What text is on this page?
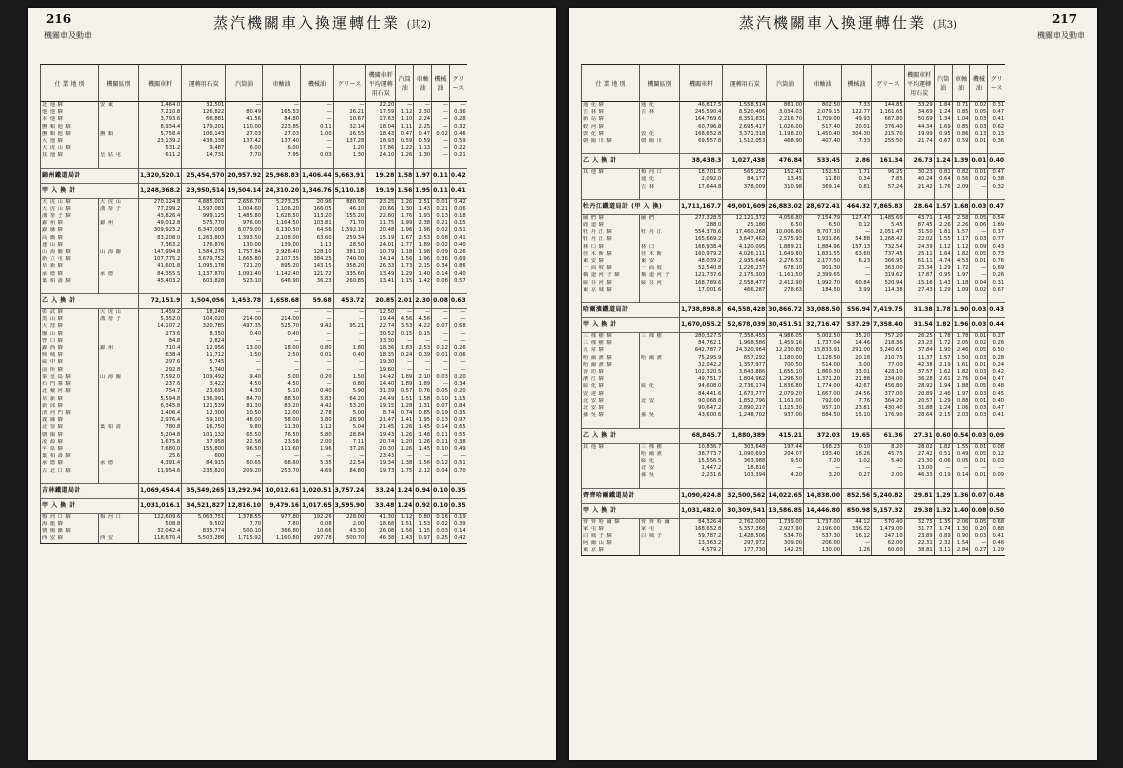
216
機關車及動車
蒸汽機關車入換運轉仕業 (其2)
仕 業 地 別	機關區別	機關車粁	運轉用石炭	汽筒油	車軸油	機械油	グリース	機關車粁平均運轉用石炭	汽筒油	車軸油	機械油	グリース
北 他 驛	安 東	1,464.0	32,501	—	—	—	—	22.20	—	—	—	—
他 他 驛		7,210.8	126,822	80.49	165.53	—	26.21	17.59	1.12	2.30	—	0.36
本 他 驛		3,793.6	66,881	41.56	84.80	—	10.67	17.63	1.10	2.24	—	0.28
撫 順 他 驛		8,934.4	179,201	110.00	223.85	0.11	32.14	18.04	1.11	2.25	—	0.32
撫 順 他 驛	撫 順	5,758.4	106,143	27.03	27.03	1.00	26.55	18.43	0.47	0.47	0.02	0.46
大 他 驛		23,139.2	438,138	137.42	137.40	—	137.28	18.93	0.59	0.59	—	0.59
大 虎 山 驛		531.2	9,487	6.00	6.00	—	1.20	17.86	1.22	1.13	—	0.22
其 他 驛	皇 姑 屯	611.2	14,731	7.70	7.95	0.03	1.30	24.10	1.26	1.30	—	0.21

錦州鐵道局計		1,320,520.1	25,454,570	20,957.92	25,968.83	1,406.44	5,663.91	19.28	1.58	1.97	0.11	0.42
甲 入 換 計		1,248,368.2	23,950,514	19,504.14	24,310.20	1,346.76	5,110.18	19.19	1.56	1.95	0.11	0.41
大 虎 山 驛	大 虎 山	270,124.8	4,885,001	2,656.70	5,273.25	20.96	880.50	23.25	1.26	2.51	0.01	0.42
大 虎 山 驛	溝 帮 子	77,299.2	1,597,083	1,004.60	1,106.20	166.05	46.10	20.66	1.30	1.43	0.21	0.06
溝 帮 子 驛		43,826.4	999,125	1,485.80	1,628.50	113.20	155.20	22.80	1.76	1.93	0.13	0.18
錦 州 驛	錦 州	49,012.8	575,770	976.00	1,164.50	103.81	71.70	11.75	1.99	2.38	0.21	0.15
錦 縣 驛		309,923.2	6,347,008	6,079.00	6,130.50	64.56	1,592.10	20.48	1.96	1.98	0.02	0.51
高 橋 驛		83,208.0	1,263,803	1,393.50	2,108.00	63.60	259.34	15.19	1.67	2.53	0.08	0.41
連 山 驛		7,363.2	176,876	130.00	139.00	1.13	28.50	24.01	1.77	1.89	0.02	0.40
山 海 關 驛	山 海 關	147,994.8	1,584,275	1,757.84	2,928.40	128.10	381.10	10.79	1.18	1.98	0.09	0.26
新 立 屯 驛		107,775.2	3,679,752	1,665.80	2,107.35	384.25	740.00	34.14	1.56	1.96	0.36	0.69
阜 新 驛		41,601.8	1,095,178	721.20	895.20	143.15	358.20	26.33	1.73	2.15	0.34	0.86
承 德 驛	承 德	84,355.5	1,137,870	1,091.40	1,142.40	121.72	335.60	13.49	1.29	1.40	0.14	0.40
葉 柏 壽 驛		45,403.2	603,828	523.10	646.90	36.23	260.85	13.41	1.15	1.42	0.08	0.57

乙 入 換 計		72,151.9	1,504,056	1,453.78	1,658.68	59.68	453.72	20.85	2.01	2.30	0.08	0.63
彰 武 驛	大 虎 山	1,459.2	18,240	—	—	—	—	12.50	—	—	—	—
黑 山 驛	溝 帮 子	5,352.0	104,020	214.00	214.00	—	—	19.44	4.56	4.56	—	—
大 窪 驛		14,107.2	320,785	497.35	525.70	9.42	95.21	22.74	3.53	4.22	0.07	0.68
盤 山 驛		273.6	8,350	0.40	0.40	—	—	30.52	0.15	0.15	—	—
營 口 驛		84.8	2,824	—	—	—	—	33.30	—	—	—	—
錦 西 驛	錦 州	710.4	12,956	13.00	18.00	0.80	1.80	18.36	1.83	2.53	0.12	0.26
興 城 驛		638.4	11,712	1.50	2.50	0.01	0.40	18.35	0.24	0.39	0.01	0.06
綏 中 驛		297.6	5,745	—	—	—	—	19.30	—	—	—	—
前 所 驛		292.8	5,740	—	—	—	—	19.60	—	—	—	—
秦 皇 島 驛	山 海 關	7,592.0	109,492	9.40	5.00	0.20	1.50	14.42	1.89	2.10	0.03	0.20
石 門 寨 驛		237.6	3,422	4.50	4.50	—	0.80	14.40	1.89	1.89	—	0.34
北 戴 河 驛		754.7	23,693	4.30	5.10	0.40	5.90	31.39	0.57	0.76	0.05	0.20
阜 新 驛		5,594.8	136,991	84.70	88.50	5.83	64.20	24.49	1.51	1.58	0.10	1.15
新 邱 驛		6,345.8	121,539	81.30	83.20	4.42	53.20	19.15	1.28	1.31	0.07	0.84
清 河 門 驛		1,406.4	12,300	10.50	12.00	2.78	5.00	8.74	0.74	0.85	0.19	0.35
義 縣 驛		2,976.4	59,103	48.00	58.00	3.80	28.90	21.47	1.41	1.95	0.13	0.97
北 票 驛	葉 柏 壽	780.8	16,750	9.80	11.30	1.12	5.04	21.45	1.26	1.45	0.14	0.65
朝 陽 驛		5,204.8	101,132	65.50	76.50	5.80	28.84	19.43	1.26	1.48	0.11	0.55
凌 源 驛		1,675.8	37,958	22.58	23.58	2.00	7.11	20.74	1.20	1.26	0.11	0.38
平 泉 驛		7,680.0	155,800	96.50	111.60	1.96	37.26	20.30	1.26	1.45	0.10	0.49
葉 柏 壽 驛		25.6	600	—	—	—	—	23.43	—	—	—	—
承 德 驛	承 德	4,391.4	84,915	60.65	68.60	5.35	22.54	19.34	1.38	1.56	0.12	0.51
古 北 口 驛		11,954.6	235,820	209.20	253.70	4.69	84.80	19.73	1.75	2.12	0.04	0.70

吉林鐵道局計		1,069,454.4	35,549,265	13,292.94	10,012.61	1,020.51	3,757.24	33.24	1.24	0.94	0.10	0.35
甲 入 換 計		1,031,016.1	34,521,827	12,816.10	9,479.16	1,017.65	3,595.90	33.48	1.24	0.92	0.10	0.35
梅 河 口 驛	梅 河 口	122,609.6	5,063,751	1,378.55	977.80	192.26	228.00	41.30	1.12	0.80	0.16	0.19
海 龍 驛		508.8	9,502	7.70	7.80	0.08	2.00	18.68	1.51	1.53	0.02	0.39
朝 陽 鎭 驛		32,042.4	835,774	500.10	366.80	10.66	43.30	26.08	1.56	1.15	0.03	0.14
西 安 驛	西 安	118,670.4	5,503,286	1,715.92	1,160.80	297.78	500.70	46.38	1.43	0.97	0.25	0.42
蒸汽機關車入換運轉仕業 (其3)	217
機關車及動車
仕 業 地 別	機關區別	機關車粁	運轉用石炭	汽筒油	車軸油	機械油	グリース	機關車粁平均運轉用石炭	汽筒油	車軸油	機械油	グリース
通 化 驛	通 化	46,817.5	1,558,514	861.00	802.50	7.33	144.85	33.29	1.84	0.71	0.02	0.31
吉 林 驛	吉 林	245,590.4	8,520,406	3,034.03	2,079.15	122.77	1,161.65	34.69	1.24	0.85	0.05	0.47
新 站 驛		164,769.6	8,351,831	2,216.70	1,709.00	49.93	667.80	50.69	1.34	1.04	0.03	0.41
蛟 河 驛		60,796.8	2,695,417	1,026.00	517.40	20.01	376.40	44.34	1.69	0.85	0.03	0.62
敦 化 驛	敦 化	168,652.8	3,371,318	1,198.20	1,450.40	304.30	215.70	19.99	0.95	0.86	0.13	0.13
朝 陽 川 驛	朝 陽 川	69,557.8	1,512,053	468.90	407.40	7.33	255.50	21.74	0.67	0.59	0.01	0.36

乙 入 換 計		38,438.3	1,027,438	476.84	533.45	2.86	161.34	26.73	1.24	1.39	0.01	0.40
其 他 驛	梅 河 口	18,701.5	565,252	152.41	152.51	1.71	96.25	30.23	0.81	0.82	0.01	0.47
	通 化	2,092.0	84,177	13.45	11.80	0.34	7.85	40.24	0.64	0.56	0.02	0.38
	吉 林	17,644.8	378,009	310.98	369.14	0.81	57.24	21.42	1.76	2.09	—	0.32

牡丹江鐵道局計 (甲 入 換)		1,711,167.7	49,001,609	26,883.02	28,672.41	464.32	7,865.83	28.64	1.57	1.68	0.03	0.47
圖 們 驛	圖 們	277,328.5	12,121,372	4,056.80	7,154.79	127.47	1,485.60	43.71	1.46	2.58	0.05	0.54
鹿 道 驛		288.0	25,186	6.50	6.50	0.12	5.45	87.45	2.26	2.26	0.06	1.89
牡 丹 江 驛	牡 丹 江	554,378.6	17,460,268	10,006.80	8,707.30	—	2,051.47	31.50	1.81	1.57	—	0.37
牡 丹 江 驛		165,669.2	3,647,462	2,575.93	1,931.66	54.88	1,268.42	22.02	1.55	1.17	0.03	0.77
林 口 驛	林 口	168,938.4	4,120,095	1,889.21	1,884.96	157.13	732.54	24.39	1.12	1.12	0.09	0.43
佳 木 斯 驛	佳 木 斯	160,979.2	4,026,111	1,649.80	1,831.55	63.60	737.45	25.11	1.64	1.82	0.05	0.73
東 安 驛	東 安	48,039.2	2,935,646	2,276.53	2,177.50	6.23	366.95	61.11	4.74	4.53	0.01	0.76
一 面 坡 驛	一 面 坡	52,540.8	1,226,237	678.10	901.30	—	363.00	23.34	1.29	1.72	—	0.69
橫 道 河 子 驛	橫 道 河 子	121,737.6	2,175,303	1,161.50	2,399.65	—	319.62	17.87	0.95	1.97	—	0.26
綏 芬 河 驛	綏 芬 河	168,789.6	2,558,477	2,412.90	1,992.70	60.84	520.94	15.16	1.43	1.18	0.04	0.31
東 京 城 驛		17,001.6	466,287	278.63	184.50	3.99	114.38	27.43	1.29	1.09	0.02	0.67

哈爾濱鐵道局計		1,738,898.8	64,558,428	30,866.72	33,088.50	556.94	7,419.75	31.38	1.78	1.90	0.03	0.43
甲 入 換 計		1,670,055.2	52,678,039	30,451.51	32,716.47	537.29	7,358.40	31.54	1.82	1.96	0.03	0.44
三 棵 樹 驛	三 棵 樹	280,327.5	7,358,455	4,986.05	5,002.50	35.20	757.20	26.25	1.78	1.78	0.01	0.27
三 棵 樹 驛		84,762.1	1,968,586	1,459.16	1,737.04	14.46	218.36	23.23	1.72	2.05	0.02	0.26
五 常 驛		642,787.7	24,320,964	12,230.80	15,833.91	291.00	3,240.65	37.84	1.90	2.46	0.05	0.50
哈 爾 濱 驛	哈 爾 濱	75,295.9	857,292	1,180.00	1,128.50	20.18	210.75	11.37	1.57	1.50	0.03	0.28
哈 爾 濱 驛		32,042.2	1,357,977	700.50	514.00	3.00	77.00	42.38	2.19	1.61	0.01	0.24
香 坊 驛		102,320.5	3,843,886	1,655.10	1,860.30	33.01	428.10	37.57	1.62	1.82	0.03	0.42
濱 江 驛		49,751.7	1,804,962	1,296.50	1,371.20	21.88	234.00	36.28	2.61	2.76	0.04	0.47
綏 化 驛	綏 化	94,608.0	2,736,174	1,836.80	1,774.00	42.67	456.80	28.92	1.94	1.88	0.05	0.48
安 達 驛		84,441.6	1,673,777	2,079.20	1,667.00	24.56	377.00	20.89	2.46	1.97	0.03	0.45
北 安 驛	北 安	90,068.8	1,852,796	1,161.00	792.00	7.76	364.20	20.57	1.29	0.88	0.01	0.40
北 安 驛		90,647.2	2,890,217	1,125.30	957.10	23.81	430.40	31.88	1.24	1.06	0.03	0.47
孫 吳 驛	孫 吳	43,600.6	1,248,702	937.00	884.50	15.10	176.90	28.64	2.15	2.03	0.03	0.41

乙 入 換 計		68,845.7	1,880,389	415.21	372.03	19.65	61.36	27.31	0.60	0.54	0.03	0.09
其 他 驛	三 棵 樹	10,836.7	303,648	197.44	168.23	0.10	8.20	28.02	1.82	1.55	0.01	0.08
	哈 爾 濱	38,773.7	1,090,693	204.07	193.40	18.26	45.75	27.42	0.51	0.49	0.05	0.12
	綏 化	15,556.5	363,988	9.50	7.20	1.02	5.40	23.30	0.06	0.05	0.01	0.03
	北 安	1,447.2	18,816	—	—	—	—	13.00	—	—	—	—
	孫 吳	2,231.6	103,394	4.20	3.20	0.27	2.00	46.33	0.19	0.14	0.01	0.09

齊齊哈爾鐵道局計		1,090,424.8	32,500,562	14,022.65	14,838.00	852.56	5,240.82	29.81	1.29	1.36	0.07	0.48
甲 入 換 計		1,031,482.0	30,309,541	13,586.85	14,446.80	850.98	5,157.32	29.38	1.32	1.40	0.08	0.50
齊 齊 哈 爾 驛	齊 齊 哈 爾	84,326.4	2,762,000	1,739.00	1,737.00	44.12	570.40	32.75	1.35	2.06	0.05	0.68
家 屯 驛	家 屯	168,652.8	5,357,368	2,927.90	2,196.00	336.32	1,479.00	31.77	1.74	1.30	0.20	0.88
白 城 子 驛	白 城 子	59,787.2	1,428,506	534.70	537.30	16.12	247.10	23.89	0.89	0.90	0.03	0.41
阿 爾 山 驛		13,363.2	297,972	309.00	206.00	—	62.00	22.31	2.32	1.54	—	0.46
東 京 驛		4,579.2	177,730	142.25	130.00	1.26	60.60	38.81	3.11	2.84	0.27	1.29
